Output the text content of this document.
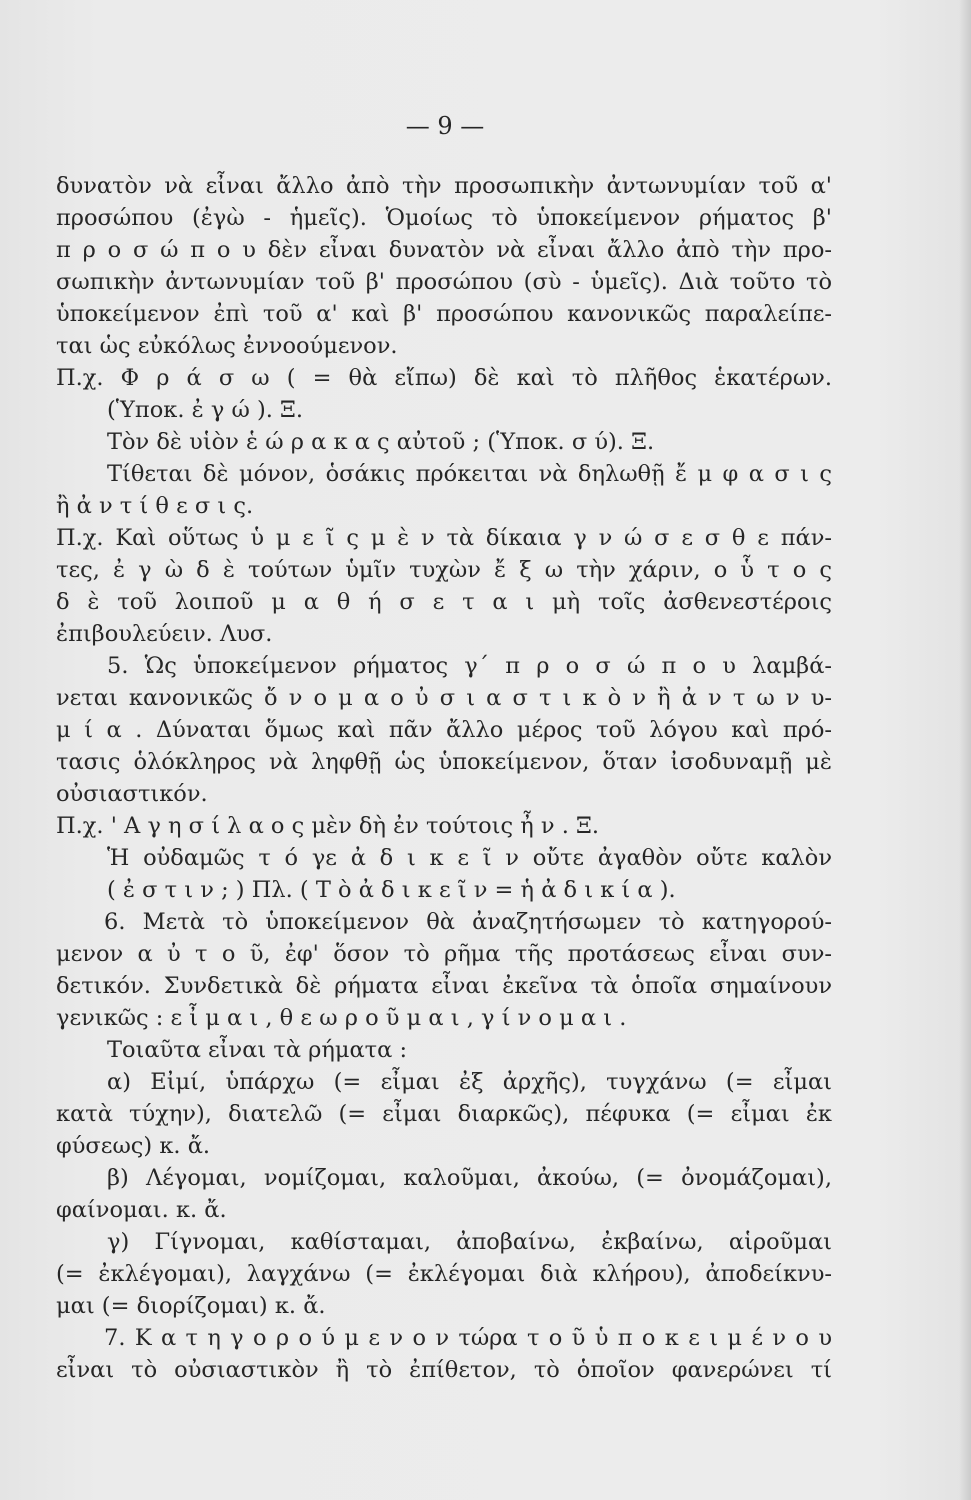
— 9 —
δυνατὸν νὰ εἶναι ἄλλο ἀπὸ τὴν προσωπικὴν ἀντωνυμίαν τοῦ α'
προσώπου (ἐγὼ - ἡμεῖς). Ὁμοίως τὸ ὑποκείμενον ρήματος β'
π ρ ο σ ώ π ο υ δὲν εἶναι δυνατὸν νὰ εἶναι ἄλλο ἀπὸ τὴν προ-
σωπικὴν ἀντωνυμίαν τοῦ β' προσώπου (σὺ - ὑμεῖς). Διὰ τοῦτο τὸ
ὑποκείμενον ἐπὶ τοῦ α' καὶ β' προσώπου κανονικῶς παραλείπε-
ται ὡς εὐκόλως ἐννοούμενον.
Π.χ. Φ ρ ά σ ω ( = θὰ εἴπω) δὲ καὶ τὸ πλῆθος ἑκατέρων.
(Ὑποκ. ἐ γ ώ ). Ξ.
Τὸν δὲ υἱὸν ἑ ώ ρ α κ α ς αὐτοῦ ; (Ὑποκ. σ ύ). Ξ.
Τίθεται δὲ μόνον, ὁσάκις πρόκειται νὰ δηλωθῇ ἔ μ φ α σ ι ς
ἢ ἀ ν τ ί θ ε σ ι ς.
Π.χ. Καὶ οὕτως ὑ μ ε ῖ ς μ ὲ ν τὰ δίκαια γ ν ώ σ ε σ θ ε πάν-
τες, ἐ γ ὼ δ ὲ τούτων ὑμῖν τυχὼν ἔ ξ ω τὴν χάριν, ο ὗ τ ο ς
δ ὲ τοῦ λοιποῦ μ α θ ή σ ε τ α ι μὴ τοῖς ἀσθενεστέροις
ἐπιβουλεύειν. Λυσ.
5. Ὡς ὑποκείμενον ρήματος γ΄ π ρ ο σ ώ π ο υ λαμβά-
νεται κανονικῶς ὄ ν ο μ α ο ὐ σ ι α σ τ ι κ ὸ ν ἢ ἀ ν τ ω ν υ-
μ ί α . Δύναται ὅμως καὶ πᾶν ἄλλο μέρος τοῦ λόγου καὶ πρό-
τασις ὁλόκληρος νὰ ληφθῇ ὡς ὑποκείμενον, ὅταν ἰσοδυναμῇ μὲ
οὐσιαστικόν.
Π.χ. ' Α γ η σ ί λ α ο ς μὲν δὴ ἐν τούτοις ἦ ν . Ξ.
Ἡ οὐδαμῶς τ ό γε ἀ δ ι κ ε ῖ ν οὔτε ἀγαθὸν οὔτε καλὸν
( ἐ σ τ ι ν ; ) Πλ. ( Τ ὸ ἀ δ ι κ ε ῖ ν = ἡ ἀ δ ι κ ί α ).
6. Μετὰ τὸ ὑποκείμενον θὰ ἀναζητήσωμεν τὸ κατηγορού-
μενον α ὐ τ ο ῦ, ἐφ' ὅσον τὸ ρῆμα τῆς προτάσεως εἶναι συν-
δετικόν. Συνδετικὰ δὲ ρήματα εἶναι ἐκεῖνα τὰ ὁποῖα σημαίνουν
γενικῶς : ε ἶ μ α ι , θ ε ω ρ ο ῦ μ α ι , γ ί ν ο μ α ι .
Τοιαῦτα εἶναι τὰ ρήματα :
α) Εἰμί, ὑπάρχω (= εἶμαι ἐξ ἀρχῆς), τυγχάνω (= εἶμαι
κατὰ τύχην), διατελῶ (= εἶμαι διαρκῶς), πέφυκα (= εἶμαι ἐκ
φύσεως) κ. ἄ.
β) Λέγομαι, νομίζομαι, καλοῦμαι, ἀκούω, (= ὀνομάζομαι),
φαίνομαι. κ. ἄ.
γ) Γίγνομαι, καθίσταμαι, ἀποβαίνω, ἐκβαίνω, αἱροῦμαι
(= ἐκλέγομαι), λαγχάνω (= ἐκλέγομαι διὰ κλήρου), ἀποδείκνυ-
μαι (= διορίζομαι) κ. ἄ.
7. Κ α τ η γ ο ρ ο ύ μ ε ν ο ν τώρα τ ο ῦ ὑ π ο κ ε ι μ έ ν ο υ
εἶναι τὸ οὐσιαστικὸν ἢ τὸ ἐπίθετον, τὸ ὁποῖον φανερώνει τί
